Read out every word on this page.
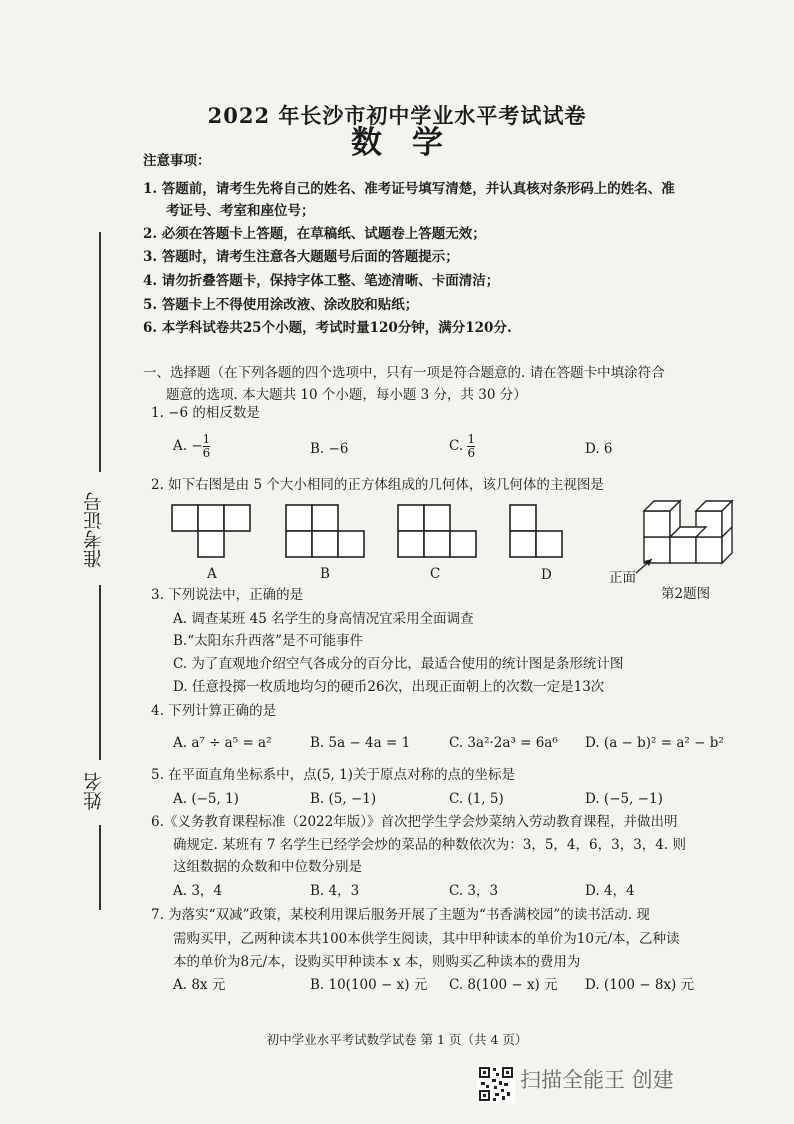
2022 年长沙市初中学业水平考试试卷
数学
准考证号
姓名
注意事项：
1. 答题前，请考生先将自己的姓名、准考证号填写清楚，并认真核对条形码上的姓名、准
考证号、考室和座位号；
2. 必须在答题卡上答题，在草稿纸、试题卷上答题无效；
3. 答题时，请考生注意各大题题号后面的答题提示；
4. 请勿折叠答题卡，保持字体工整、笔迹清晰、卡面清洁；
5. 答题卡上不得使用涂改液、涂改胶和贴纸；
6. 本学科试卷共25个小题，考试时量120分钟，满分120分.
一、选择题（在下列各题的四个选项中，只有一项是符合题意的. 请在答题卡中填涂符合
题意的选项. 本大题共 10 个小题，每小题 3 分，共 30 分）
1. −6 的相反数是
A. − $\frac{1}{6}$	B. −6	C. $\frac{1}{6}$	D. 6
2. 如下右图是由 5 个大小相同的正方体组成的几何体，该几何体的主视图是
A	B	C	D	正面
第2题图
3. 下列说法中，正确的是
A. 调查某班 45 名学生的身高情况宜采用全面调查
B.“太阳东升西落”是不可能事件
C. 为了直观地介绍空气各成分的百分比，最适合使用的统计图是条形统计图
D. 任意投掷一枚质地均匀的硬币26次，出现正面朝上的次数一定是13次
4. 下列计算正确的是
A. a⁷ ÷ a⁵ = a²	B. 5a − 4a = 1	C. 3a²·2a³ = 6a⁶ D. (a − b)² = a² − b²
5. 在平面直角坐标系中，点(5, 1)关于原点对称的点的坐标是
A. (−5, 1)	B. (5, −1)	C. (1, 5)	D. (−5, −1)
6.《义务教育课程标准（2022年版）》首次把学生学会炒菜纳入劳动教育课程，并做出明
确规定. 某班有 7 名学生已经学会炒的菜品的种数依次为：3，5，4，6，3，3，4. 则
这组数据的众数和中位数分别是
A. 3，4	B. 4，3	C. 3，3	D. 4，4
7. 为落实“双减”政策，某校利用课后服务开展了主题为“书香满校园”的读书活动. 现
需购买甲，乙两种读本共100本供学生阅读，其中甲种读本的单价为10元/本，乙种读
本的单价为8元/本，设购买甲种读本 x 本，则购买乙种读本的费用为
A. 8x 元	B. 10(100 − x) 元 C. 8(100 − x) 元 D. (100 − 8x) 元
初中学业水平考试数学试卷 第 1 页（共 4 页）
扫描全能王 创建
